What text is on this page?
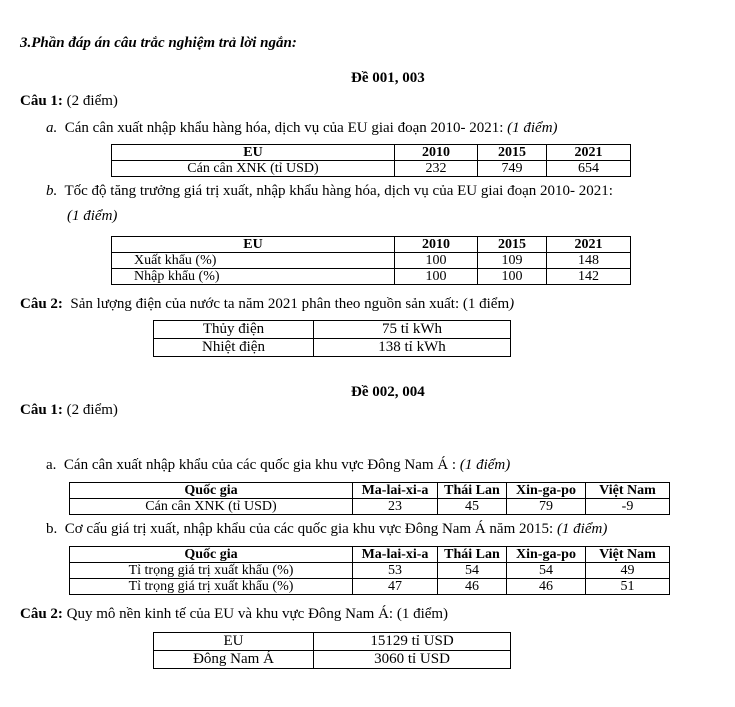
3.Phần đáp án câu trắc nghiệm trả lời ngắn:
Đề 001, 003
Câu 1: (2 điểm)
a. Cán cân xuất nhập khẩu hàng hóa, dịch vụ của EU giai đoạn 2010- 2021: (1 điểm)
EU	2010	2015	2021
Cán cân XNK (tỉ USD)	232	749	654
b. Tốc độ tăng trưởng giá trị xuất, nhập khẩu hàng hóa, dịch vụ của EU giai đoạn 2010- 2021:
(1 điểm)
EU	2010	2015	2021
Xuất khẩu (%)	100	109	148
Nhập khẩu (%)	100	100	142
Câu 2: Sản lượng điện của nước ta năm 2021 phân theo nguồn sản xuất: (1 điểm)
Thủy điện	75 tỉ kWh
Nhiệt điện	138 tỉ kWh
Đề 002, 004
Câu 1: (2 điểm)
a. Cán cân xuất nhập khẩu của các quốc gia khu vực Đông Nam Á : (1 điểm)
Quốc gia	Ma-lai-xi-a	Thái Lan	Xin-ga-po	Việt Nam
Cán cân XNK (tỉ USD)	23	45	79	-9
b. Cơ cấu giá trị xuất, nhập khẩu của các quốc gia khu vực Đông Nam Á năm 2015: (1 điểm)
Quốc gia	Ma-lai-xi-a	Thái Lan	Xin-ga-po	Việt Nam
Tỉ trọng giá trị xuất khẩu (%)	53	54	54	49
Tỉ trọng giá trị xuất khẩu (%)	47	46	46	51
Câu 2: Quy mô nền kinh tế của EU và khu vực Đông Nam Á: (1 điểm)
EU	15129 tỉ USD
Đông Nam Á	3060 tỉ USD
